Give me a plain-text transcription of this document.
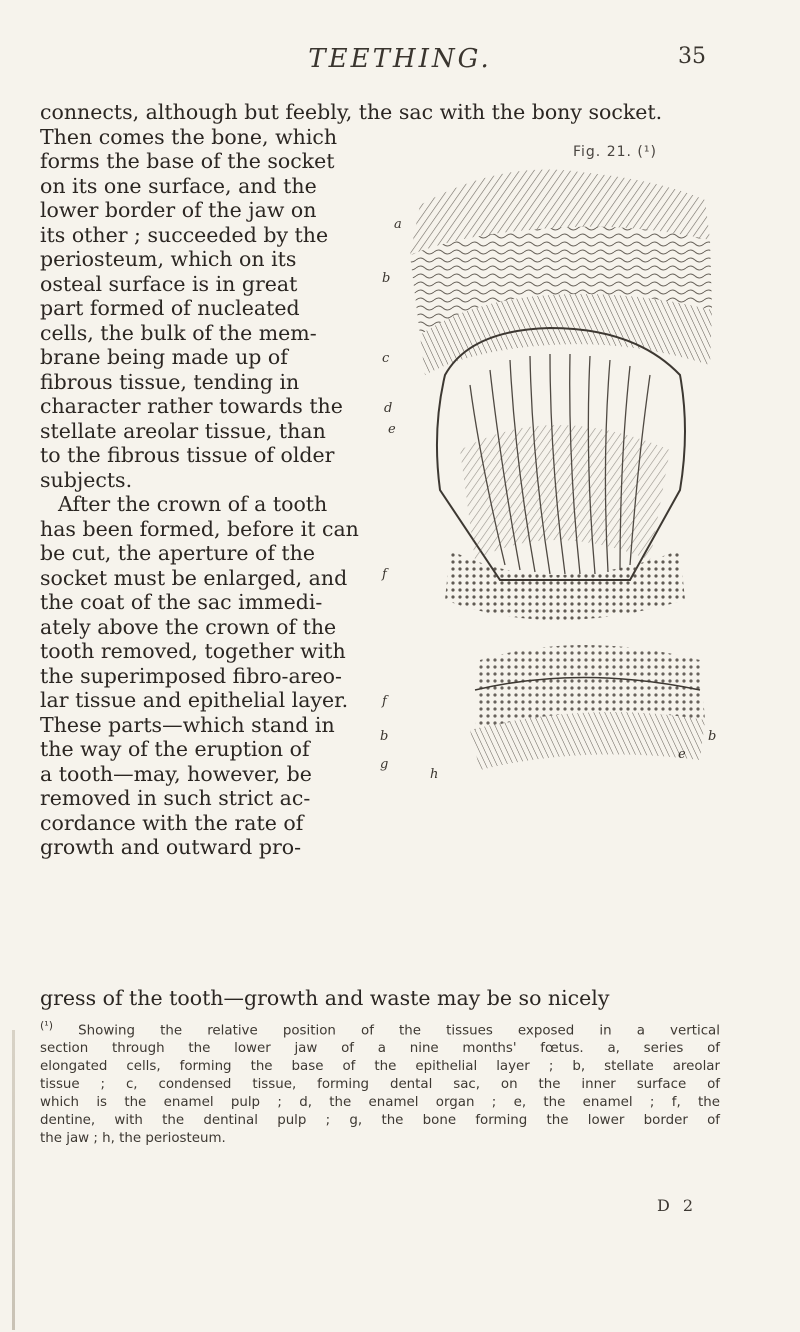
TEETHING.	35
connects, although but feebly, the sac with the bony socket.
Then comes the bone, which
forms the base of the socket
on its one surface, and the
lower border of the jaw on
its other ; succeeded by the
periosteum, which on its
osteal surface is in great
part formed of nucleated
cells, the bulk of the mem-
brane being made up of
fibrous tissue, tending in
character rather towards the
stellate areolar tissue, than
to the fibrous tissue of older
subjects.
After the crown of a tooth
has been formed, before it can
be cut, the aperture of the
socket must be enlarged, and
the coat of the sac immedi-
ately above the crown of the
tooth removed, together with
the superimposed fibro-areo-
lar tissue and epithelial layer.
These parts—which stand in
the way of the eruption of
a tooth—may, however, be
removed in such strict ac-
cordance with the rate of
growth and outward pro-
gress of the tooth—growth and waste may be so nicely
Fig. 21. (¹)
a
b
c
d
e
f
f
b	b
g
h
e
$^{(^1)}$ Showing the relative position of the tissues exposed in a vertical
section through the lower jaw of a nine months' fœtus. a, series of
elongated cells, forming the base of the epithelial layer ; b, stellate areolar
tissue ; c, condensed tissue, forming dental sac, on the inner surface of
which is the enamel pulp ; d, the enamel organ ; e, the enamel ; f, the
dentine, with the dentinal pulp ; g, the bone forming the lower border of
the jaw ; h, the periosteum.
D 2
